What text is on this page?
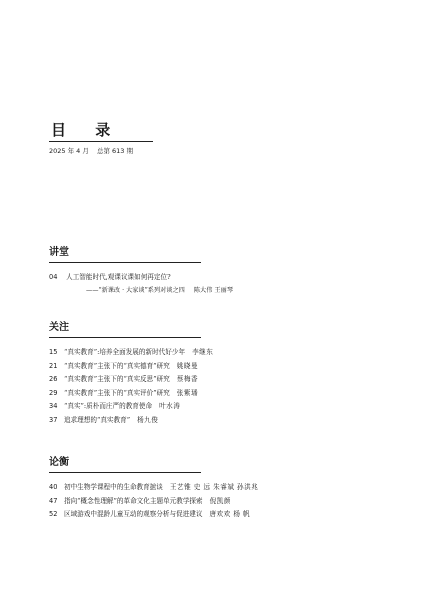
目 录
2025 年 4 月 总第 613 期
讲堂
04 人工智能时代,观课议课如何再定位?
——“新课改 · 大家谈”系列对谈之四 陈大伟 王丽琴
关注
15 “真实教育”:培养全面发展的新时代好少年 李继东
21 “真实教育”主张下的“真实德育”研究 姚晓曼
26 “真实教育”主张下的“真实反思”研究 蔡梅香
29 “真实教育”主张下的“真实评价”研究 张紫璠
34 “真实”:质朴而庄严的教育使命 叶水涛
37 追求理想的“真实教育” 杨九俊
论衡
40 初中生物学课程中的生命教育摭谈 王艺锥 史 远 朱睿斌 孙洪兆
47 指向“概念性理解”的革命文化主题单元教学探索 倪凯颜
52 区域游戏中混龄儿童互动的观察分析与促进建议 唐欢欢 杨 帆
